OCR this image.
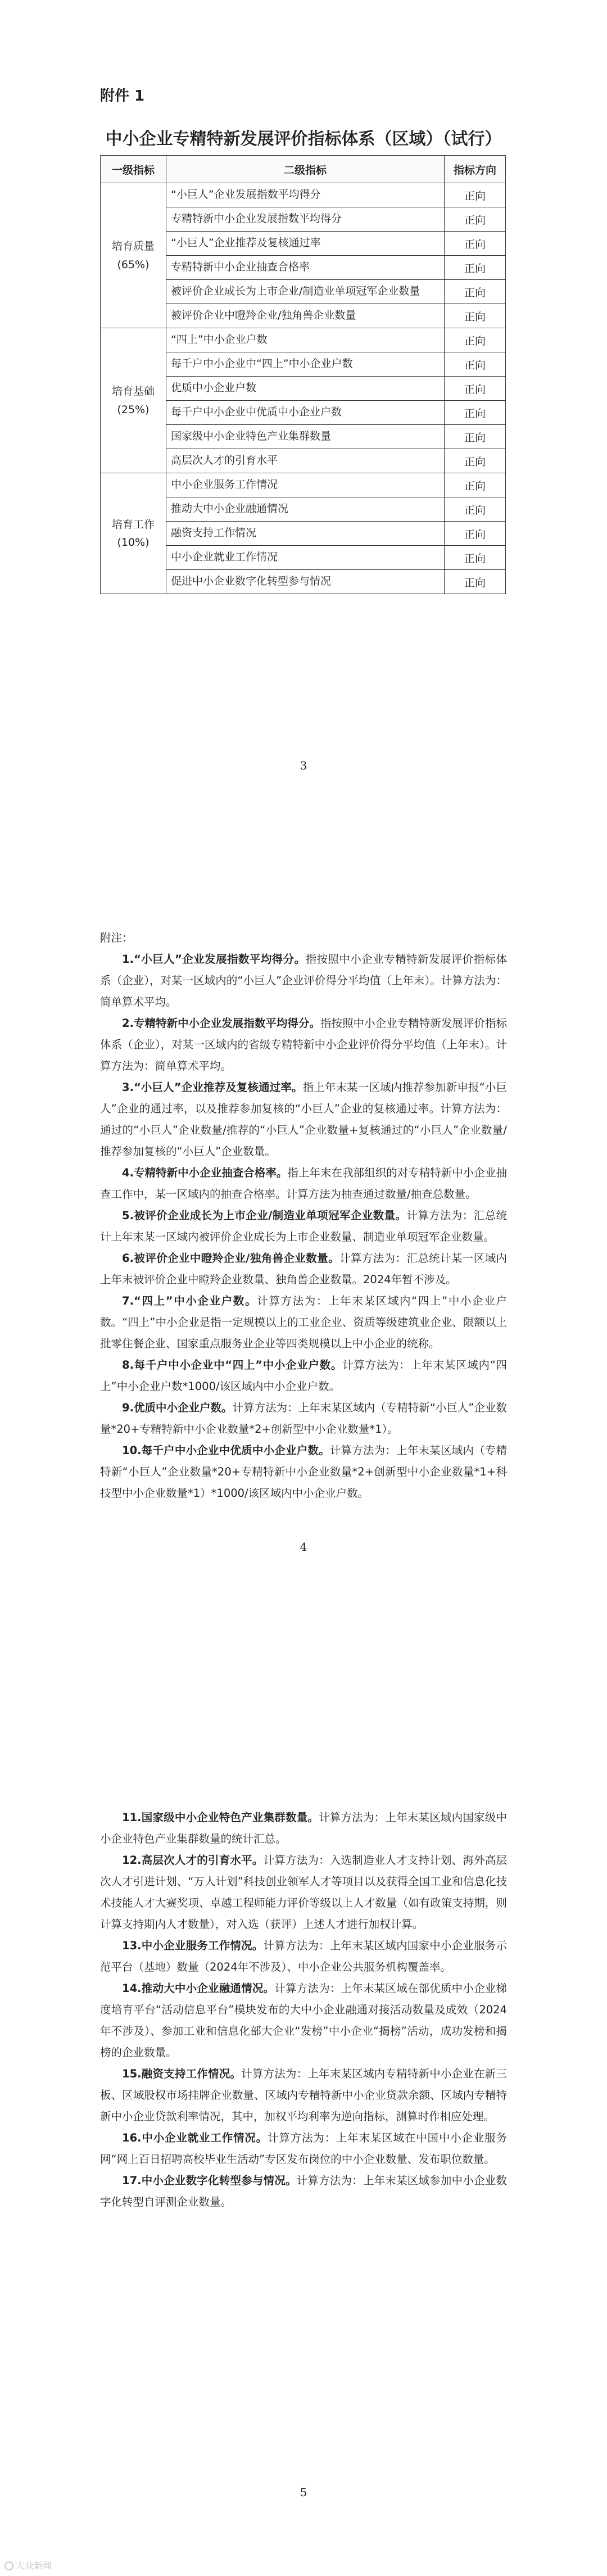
附件 1
中小企业专精特新发展评价指标体系（区域）（试行）
一级指标	二级指标	指标方向
培育质量
(65%)	“小巨人”企业发展指数平均得分	正向
	专精特新中小企业发展指数平均得分	正向
	“小巨人”企业推荐及复核通过率	正向
	专精特新中小企业抽查合格率	正向
	被评价企业成长为上市企业/制造业单项冠军企业数量	正向
	被评价企业中瞪羚企业/独角兽企业数量	正向
培育基础
(25%)	“四上”中小企业户数	正向
	每千户中小企业中“四上”中小企业户数	正向
	优质中小企业户数	正向
	每千户中小企业中优质中小企业户数	正向
	国家级中小企业特色产业集群数量	正向
	高层次人才的引育水平	正向
培育工作
(10%)	中小企业服务工作情况	正向
	推动大中小企业融通情况	正向
	融资支持工作情况	正向
	中小企业就业工作情况	正向
	促进中小企业数字化转型参与情况	正向
3

附注：

1.“小巨人”企业发展指数平均得分。指按照中小企业专精特新发展评价指标体系（企业），对某一区域内的“小巨人”企业评价得分平均值（上年末）。计算方法为：简单算术平均。

2.专精特新中小企业发展指数平均得分。指按照中小企业专精特新发展评价指标体系（企业），对某一区域内的省级专精特新中小企业评价得分平均值（上年末）。计算方法为：简单算术平均。

3.“小巨人”企业推荐及复核通过率。指上年末某一区域内推荐参加新申报“小巨人”企业的通过率，以及推荐参加复核的“小巨人”企业的复核通过率。计算方法为：通过的“小巨人”企业数量/推荐的“小巨人”企业数量+复核通过的“小巨人”企业数量/推荐参加复核的“小巨人”企业数量。

4.专精特新中小企业抽查合格率。指上年末在我部组织的对专精特新中小企业抽查工作中，某一区域内的抽查合格率。计算方法为抽查通过数量/抽查总数量。

5.被评价企业成长为上市企业/制造业单项冠军企业数量。计算方法为：汇总统计上年末某一区域内被评价企业成长为上市企业数量、制造业单项冠军企业数量。

6.被评价企业中瞪羚企业/独角兽企业数量。计算方法为：汇总统计某一区域内上年末被评价企业中瞪羚企业数量、独角兽企业数量。2024年暂不涉及。

7.“四上”中小企业户数。计算方法为：上年末某区域内“四上”中小企业户数。“四上”中小企业是指一定规模以上的工业企业、资质等级建筑业企业、限额以上批零住餐企业、国家重点服务业企业等四类规模以上中小企业的统称。

8.每千户中小企业中“四上”中小企业户数。计算方法为：上年末某区域内“四上”中小企业户数*1000/该区域内中小企业户数。

9.优质中小企业户数。计算方法为：上年末某区域内（专精特新“小巨人”企业数量*20+专精特新中小企业数量*2+创新型中小企业数量*1）。

10.每千户中小企业中优质中小企业户数。计算方法为：上年末某区域内（专精特新“小巨人”企业数量*20+专精特新中小企业数量*2+创新型中小企业数量*1+科技型中小企业数量*1）*1000/该区域内中小企业户数。

4

11.国家级中小企业特色产业集群数量。计算方法为：上年末某区域内国家级中小企业特色产业集群数量的统计汇总。

12.高层次人才的引育水平。计算方法为：入选制造业人才支持计划、海外高层次人才引进计划、“万人计划”科技创业领军人才等项目以及获得全国工业和信息化技术技能人才大赛奖项、卓越工程师能力评价等级以上人才数量（如有政策支持期，则计算支持期内人才数量），对入选（获评）上述人才进行加权计算。

13.中小企业服务工作情况。计算方法为：上年末某区域内国家中小企业服务示范平台（基地）数量（2024年不涉及）、中小企业公共服务机构覆盖率。

14.推动大中小企业融通情况。计算方法为：上年末某区域在部优质中小企业梯度培育平台“活动信息平台”模块发布的大中小企业融通对接活动数量及成效（2024年不涉及）、参加工业和信息化部大企业“发榜”中小企业“揭榜”活动，成功发榜和揭榜的企业数量。

15.融资支持工作情况。计算方法为：上年末某区域内专精特新中小企业在新三板、区域股权市场挂牌企业数量、区域内专精特新中小企业贷款余额、区域内专精特新中小企业贷款利率情况，其中，加权平均利率为逆向指标，测算时作相应处理。

16.中小企业就业工作情况。计算方法为：上年末某区域在中国中小企业服务网“网上百日招聘高校毕业生活动”专区发布岗位的中小企业数量、发布职位数量。

17.中小企业数字化转型参与情况。计算方法为：上年末某区域参加中小企业数字化转型自评测企业数量。

5
大众新闻
